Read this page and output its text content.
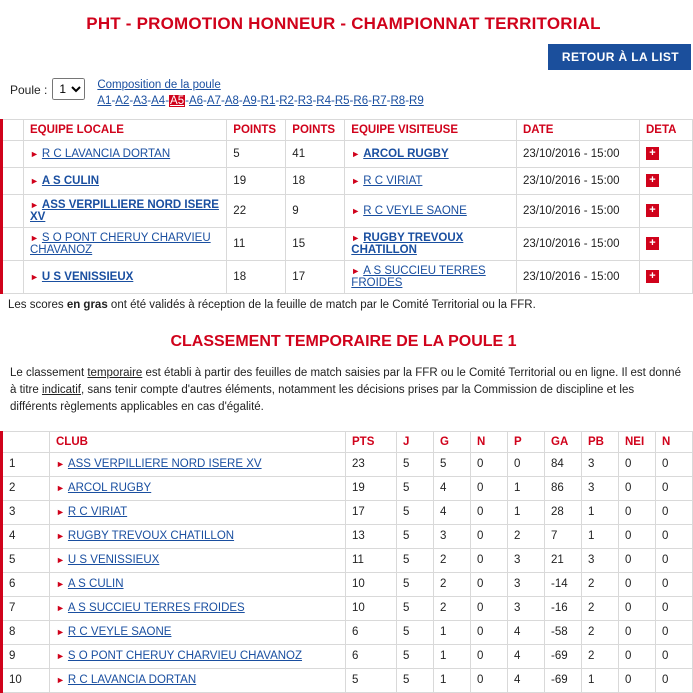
PHT - PROMOTION HONNEUR - CHAMPIONNAT TERRITORIAL
RETOUR À LA LIST
Poule :
1	Composition de la poule
A1-A2-A3-A4-A5-A6-A7-A8-A9-R1-R2-R3-R4-R5-R6-R7-R8-R9
	EQUIPE LOCALE	POINTS	POINTS	EQUIPE VISITEUSE	DATE	DETA
	► R C LAVANCIA DORTAN	5	41	► ARCOL RUGBY	23/10/2016 - 15:00	+
	► A S CULIN	19	18	► R C VIRIAT	23/10/2016 - 15:00	+
	► ASS VERPILLIERE NORD ISERE XV	22	9	► R C VEYLE SAONE	23/10/2016 - 15:00	+
	► S O PONT CHERUY CHARVIEU CHAVANOZ	11	15	► RUGBY TREVOUX CHATILLON	23/10/2016 - 15:00	+
	► U S VENISSIEUX	18	17	► A S SUCCIEU TERRES FROIDES	23/10/2016 - 15:00	+
Les scores en gras ont été validés à réception de la feuille de match par le Comité Territorial ou la FFR.
CLASSEMENT TEMPORAIRE DE LA POULE 1
Le classement temporaire est établi à partir des feuilles de match saisies par la FFR ou le Comité Territorial ou en ligne. Il est donné à titre indicatif, sans tenir compte d'autres éléments, notamment les décisions prises par la Commission de discipline et les différents règlements applicables en cas d'égalité.
	CLUB	PTS	J	G	N	P	GA	PB	NEI	N
1	► ASS VERPILLIERE NORD ISERE XV	23	5	5	0	0	84	3	0	0
2	► ARCOL RUGBY	19	5	4	0	1	86	3	0	0
3	► R C VIRIAT	17	5	4	0	1	28	1	0	0
4	► RUGBY TREVOUX CHATILLON	13	5	3	0	2	7	1	0	0
5	► U S VENISSIEUX	11	5	2	0	3	21	3	0	0
6	► A S CULIN	10	5	2	0	3	-14	2	0	0
7	► A S SUCCIEU TERRES FROIDES	10	5	2	0	3	-16	2	0	0
8	► R C VEYLE SAONE	6	5	1	0	4	-58	2	0	0
9	► S O PONT CHERUY CHARVIEU CHAVANOZ	6	5	1	0	4	-69	2	0	0
10	► R C LAVANCIA DORTAN	5	5	1	0	4	-69	1	0	0
